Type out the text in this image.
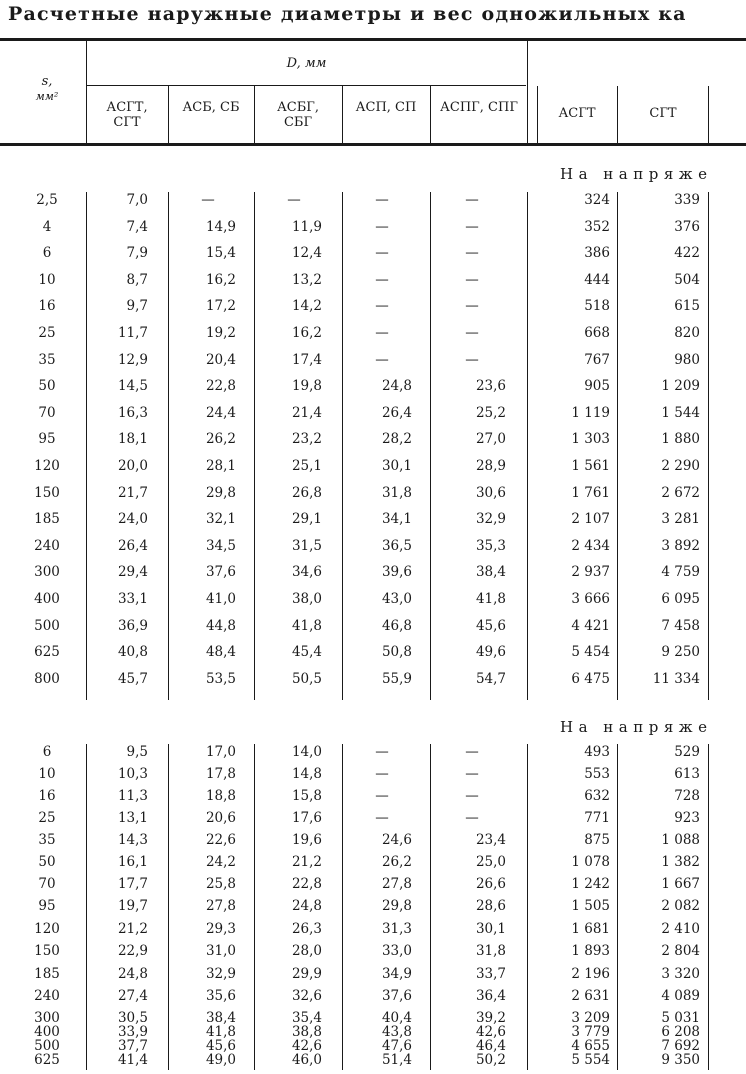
Расчетные наружные диаметры и вес одножильных ка
s,
мм²
D, мм
АСГТ, СГТ
АСБ, СБ	АСБГ, СБГ
АСП, СП	АСПГ, СПГ	АСГТ	СГТ
На напряже
На напряже
2,5	7,0	—	—	—	—	324	339
4	7,4	14,9	11,9	—	—	352	376
6	7,9	15,4	12,4	—	—	386	422
10	8,7	16,2	13,2	—	—	444	504
16	9,7	17,2	14,2	—	—	518	615
25	11,7	19,2	16,2	—	—	668	820
35	12,9	20,4	17,4	—	—	767	980
50	14,5	22,8	19,8	24,8	23,6	905	1 209
70	16,3	24,4	21,4	26,4	25,2	1 119	1 544
95	18,1	26,2	23,2	28,2	27,0	1 303	1 880
120	20,0	28,1	25,1	30,1	28,9	1 561	2 290
150	21,7	29,8	26,8	31,8	30,6	1 761	2 672
185	24,0	32,1	29,1	34,1	32,9	2 107	3 281
240	26,4	34,5	31,5	36,5	35,3	2 434	3 892
300	29,4	37,6	34,6	39,6	38,4	2 937	4 759
400	33,1	41,0	38,0	43,0	41,8	3 666	6 095
500	36,9	44,8	41,8	46,8	45,6	4 421	7 458
625	40,8	48,4	45,4	50,8	49,6	5 454	9 250
800	45,7	53,5	50,5	55,9	54,7	6 475	11 334
6	9,5	17,0	14,0	—	—	493	529
10	10,3	17,8	14,8	—	—	553	613
16	11,3	18,8	15,8	—	—	632	728
25	13,1	20,6	17,6	—	—	771	923
35	14,3	22,6	19,6	24,6	23,4	875	1 088
50	16,1	24,2	21,2	26,2	25,0	1 078	1 382
70	17,7	25,8	22,8	27,8	26,6	1 242	1 667
95	19,7	27,8	24,8	29,8	28,6	1 505	2 082
120	21,2	29,3	26,3	31,3	30,1	1 681	2 410
150	22,9	31,0	28,0	33,0	31,8	1 893	2 804
185	24,8	32,9	29,9	34,9	33,7	2 196	3 320
240	27,4	35,6	32,6	37,6	36,4	2 631	4 089
300	30,5	38,4	35,4	40,4	39,2	3 209	5 031
400	33,9	41,8	38,8	43,8	42,6	3 779	6 208
500	37,7	45,6	42,6	47,6	46,4	4 655	7 692
625	41,4	49,0	46,0	51,4	50,2	5 554	9 350
